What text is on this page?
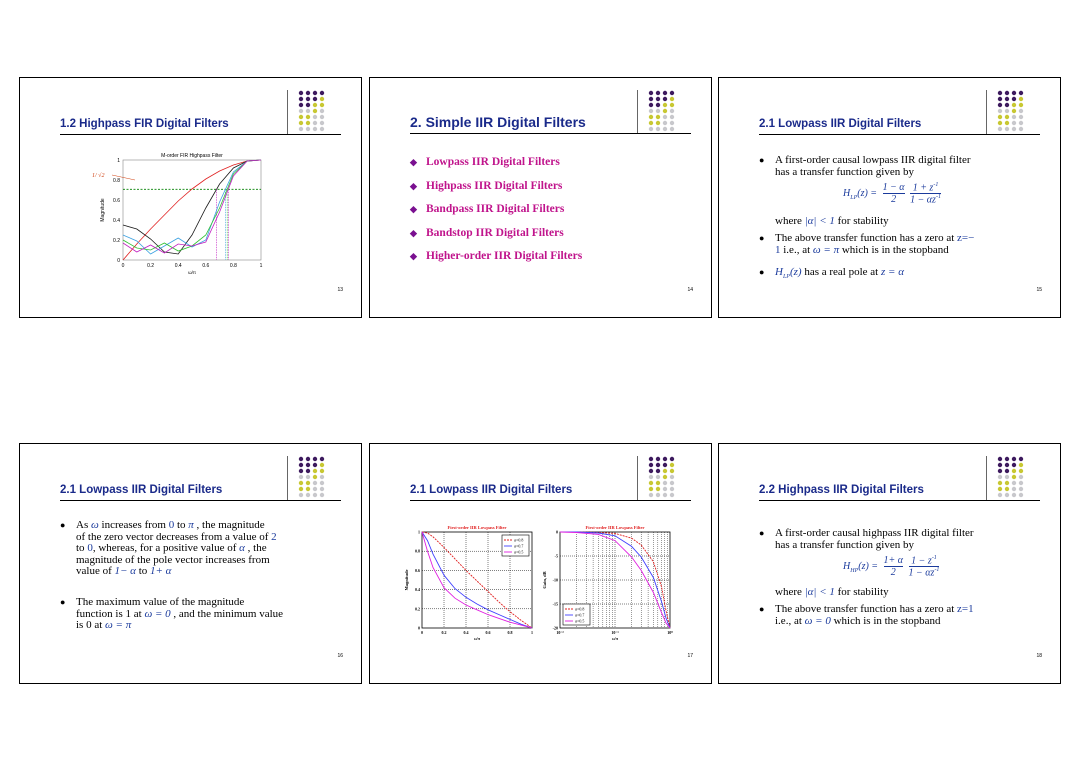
1.2 Highpass FIR Digital Filters
M-order FIR Highpass Filter
0	0.2	0.4	0.6	0.8	1
0
0.2
0.4
0.6
0.8
1
ω/π
Magnitude
1/ √2
13
2. Simple IIR Digital Filters
◆ Lowpass IIR Digital Filters
◆ Highpass IIR Digital Filters
◆ Bandpass IIR Digital Filters
◆ Bandstop IIR Digital Filters
◆ Higher-order IIR Digital Filters
14
2.1 Lowpass IIR Digital Filters
● A first-order causal lowpass IIR digital filter
has a transfer function given by
$H_{LP}(z) = \frac{1 - \alpha}{2}$
$\frac{1 + z^{-1}}{1 - \alpha z^{-1}}$
where |α| < 1 for stability
● The above transfer function has a zero at z=−
1 i.e., at ω = π which is in the stopband
● $H_{LP}(z)$ has a real pole at z = α
15
2.1 Lowpass IIR Digital Filters
● As ω increases from 0 to π , the magnitude
of the zero vector decreases from a value of 2
to 0, whereas, for a positive value of α , the
magnitude of the pole vector increases from
value of 1− α to 1+ α
● The maximum value of the magnitude
function is 1 at ω = 0 , and the minimum value
is 0 at ω = π
16
2.1 Lowpass IIR Digital Filters
First-order IIR Lowpass Filter
0	0.2	0.4	0.6	0.8	1
0
0.2
0.4
0.6
0.8
1
ω/π
Magnitude
α=0.8
α=0.7
α=0.5
First-order IIR Lowpass Filter
10⁻²	10⁻¹	10⁰
0
-5
-10
-15
-20
ω/π
Gain, dB
α=0.8
α=0.7
α=0.5
17
2.2 Highpass IIR Digital Filters
● A first-order causal highpass IIR digital filter
has a transfer function given by
$H_{HP}(z) = \frac{1+ \alpha}{2}$
$\frac{1 - z^{-1}}{1 - \alpha z^{-1}}$
where |α| < 1 for stability
● The above transfer function has a zero at z=1
i.e., at ω = 0 which is in the stopband
18
